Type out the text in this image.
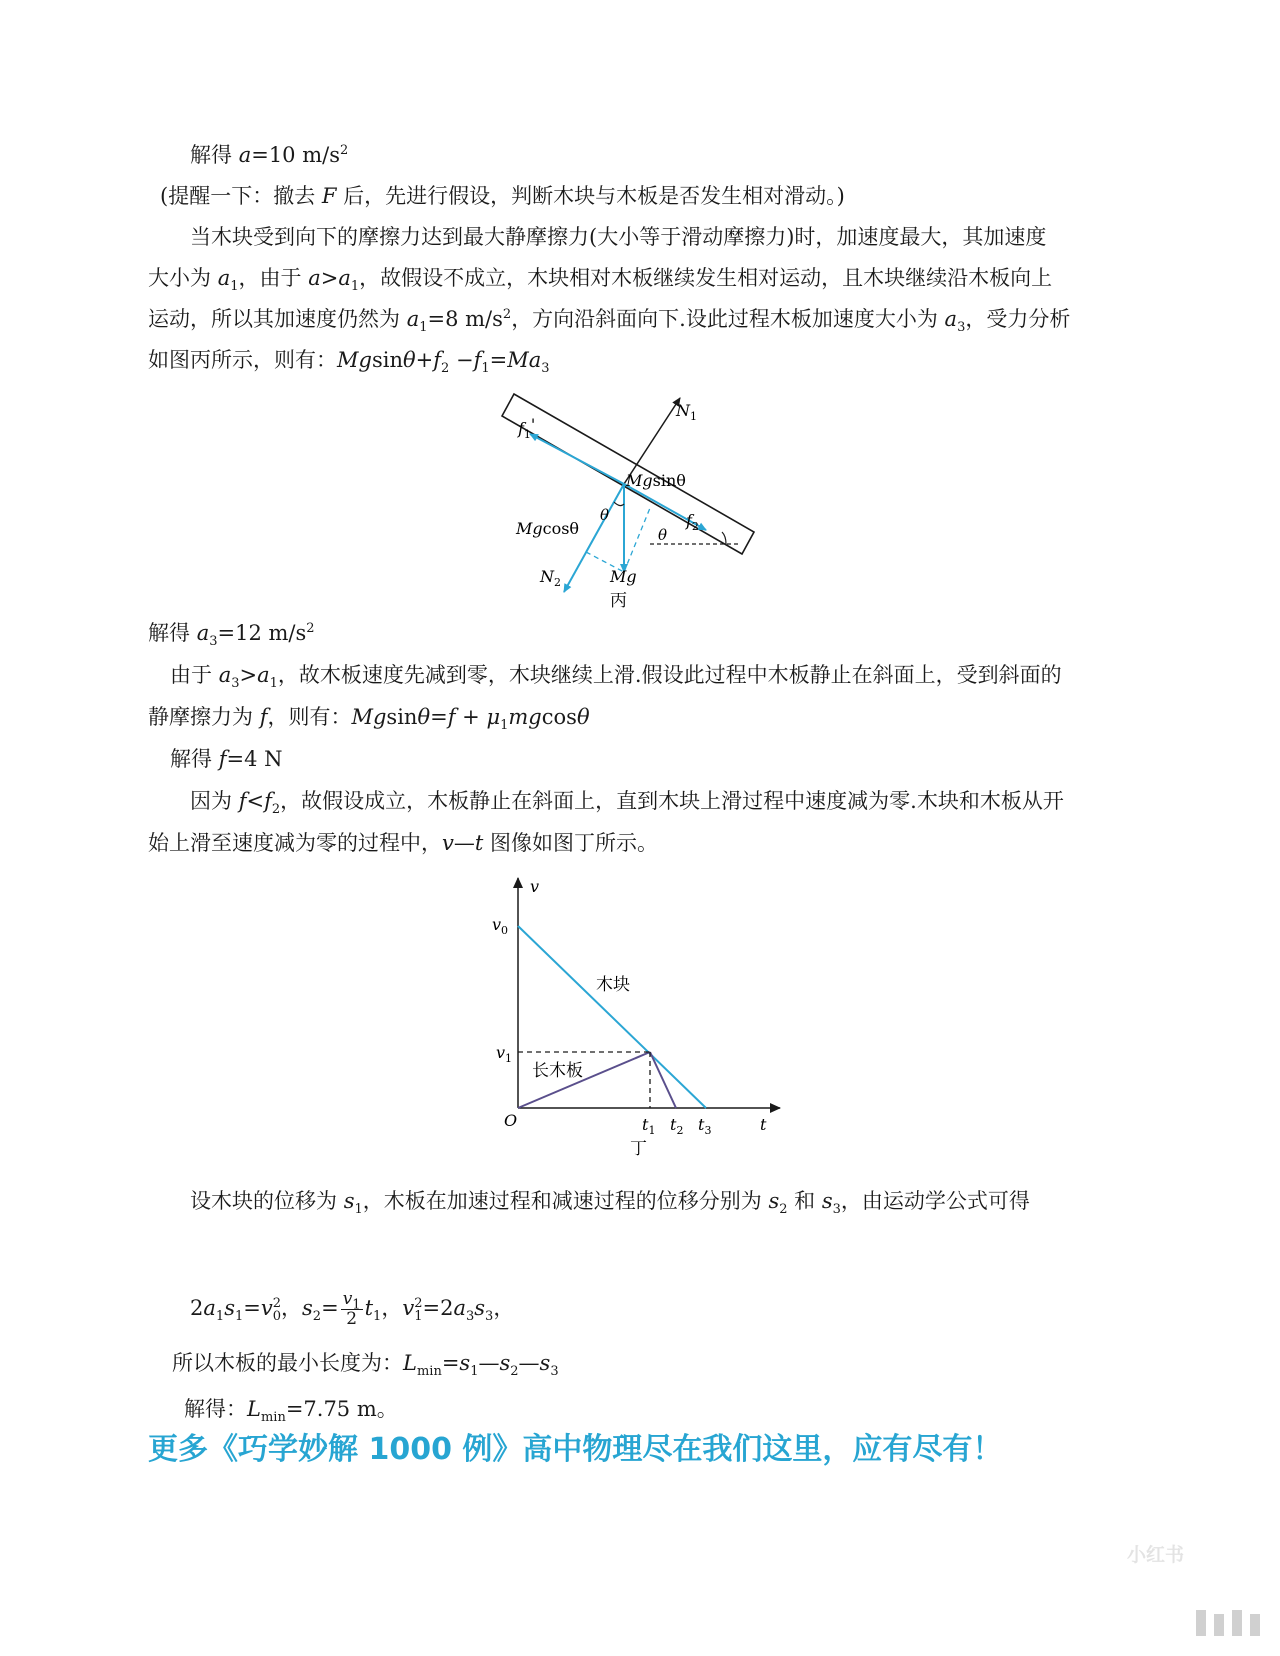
解得 a=10 $m/s^2$

(提醒一下：撤去 F 后，先进行假设，判断木块与木板是否发生相对滑动。)

当木块受到向下的摩擦力达到最大静摩擦力(大小等于滑动摩擦力)时，加速度最大，其加速度

大小为 $a_1$，由于 $a>a_1$，故假设不成立，木块相对木板继续发生相对运动，且木块继续沿木板向上

运动，所以其加速度仍然为 $a_1=8$ $m/s^2$，方向沿斜面向下.设此过程木板加速度大小为 $a_3$，受力分析

如图丙所示，则有：$Mgsin\theta+f_2 -f_1=Ma_3$

$N_1$
$f_1'$
Mgsinθ
$f_2$
θ
θ
Mgcosθ
$N_2$	Mg
丙

解得 $a_3=12$ $m/s^2$

由于 $a_3>a_1$，故木板速度先减到零，木块继续上滑.假设此过程中木板静止在斜面上，受到斜面的

静摩擦力为 f，则有：$Mgsin\theta=f + \mu_1mgcos\theta$

解得 f=4 N

因为 $f<f_2$，故假设成立，木板静止在斜面上，直到木块上滑过程中速度减为零.木块和木板从开

始上滑至速度减为零的过程中，v—t 图像如图丁所示。

v
t
O
$v_0$
$v_1$
$t_1$ $t_2$ $t_3$
木块
长木板
丁

设木块的位移为 $s_1$，木板在加速过程和减速过程的位移分别为 $s_2$ 和 $s_3$，由运动学公式可得

$2a_1s_1=v$ 2
0 ，$s_2= \frac{v_1}{2} t_1$，v 2
$1 =2a_3s_3$，

所以木板的最小长度为：$L_{min}=s_1—s_2—s_3$

解得：$L_{min}=7.75$ m。

更多《巧学妙解 1000 例》高中物理尽在我们这里，应有尽有！
小红书
